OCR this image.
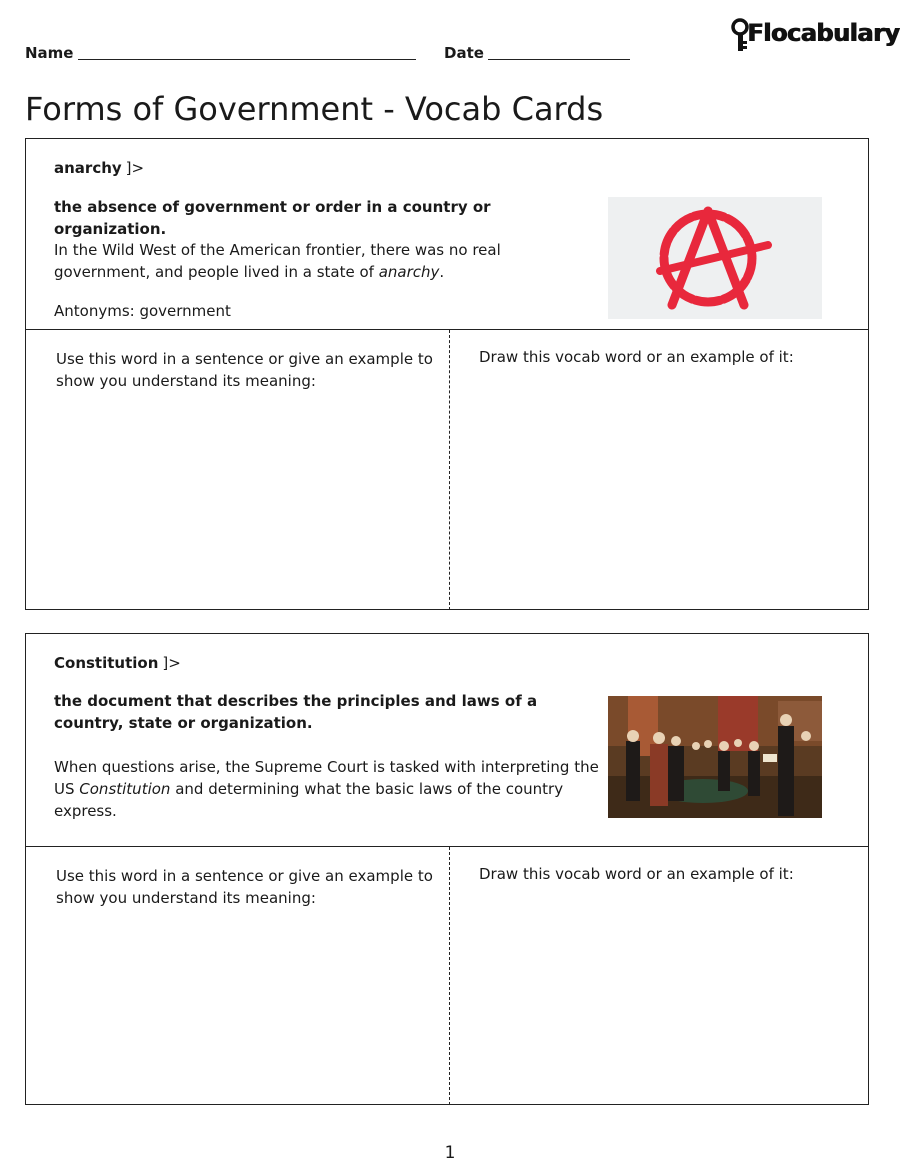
Name	Date
Flocabulary
Forms of Government - Vocab Cards
anarchy ]>
the absence of government or order in a country or organization.
In the Wild West of the American frontier, there was no real government, and people lived in a state of anarchy.
Antonyms: government
Use this word in a sentence or give an example to show you understand its meaning:
Draw this vocab word or an example of it:
Constitution ]>
the document that describes the principles and laws of a country, state or organization.
When questions arise, the Supreme Court is tasked with interpreting the US Constitution and determining what the basic laws of the country express.
Use this word in a sentence or give an example to show you understand its meaning:
Draw this vocab word or an example of it:
1
